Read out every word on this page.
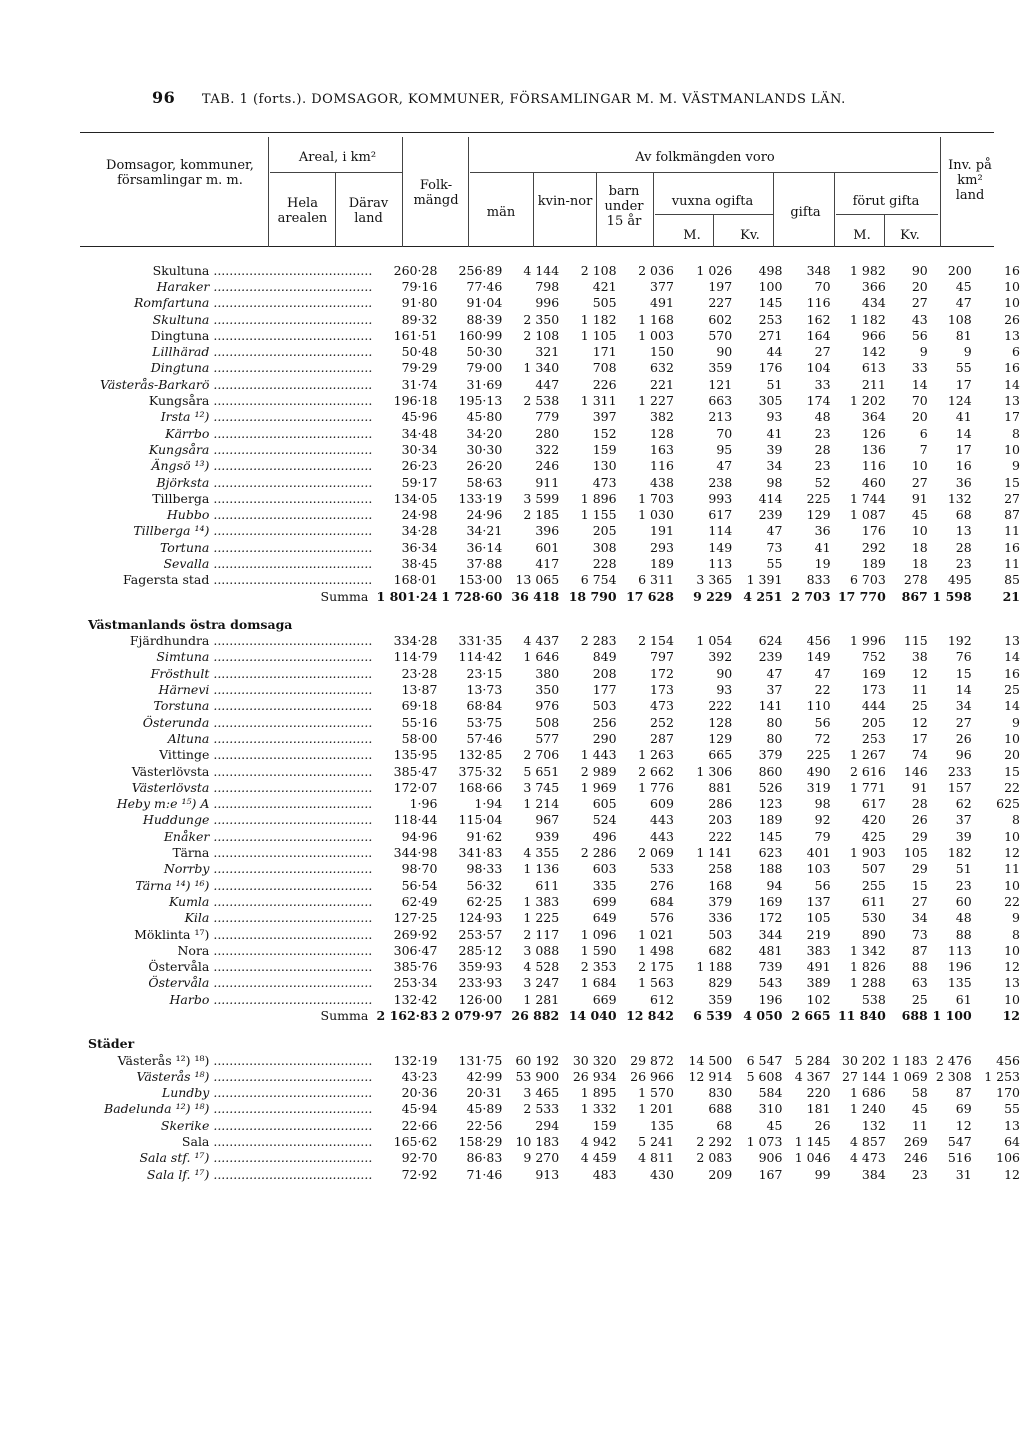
96 TAB. 1 (forts.). DOMSAGOR, KOMMUNER, FÖRSAMLINGAR M. M. VÄSTMANLANDS LÄN.
Domsagor, kommuner, församlingar m. m.
Areal, i km²
Hela arealen
Därav land
Folk-mängd
Av folkmängden voro
män
kvin-nor
barn under 15 år
vuxna ogifta
M.	Kv.
gifta
förut gifta
M.	Kv.
Inv. på km² land
Skultuna ........................................	260·28	256·89	4 144	2 108	2 036	1 026	498	348	1 982	90	200	16
Haraker ........................................	79·16	77·46	798	421	377	197	100	70	366	20	45	10
Romfartuna ........................................	91·80	91·04	996	505	491	227	145	116	434	27	47	10
Skultuna ........................................	89·32	88·39	2 350	1 182	1 168	602	253	162	1 182	43	108	26
Dingtuna ........................................	161·51	160·99	2 108	1 105	1 003	570	271	164	966	56	81	13
Lillhärad ........................................	50·48	50·30	321	171	150	90	44	27	142	9	9	6
Dingtuna ........................................	79·29	79·00	1 340	708	632	359	176	104	613	33	55	16
Västerås-Barkarö ........................................	31·74	31·69	447	226	221	121	51	33	211	14	17	14
Kungsåra ........................................	196·18	195·13	2 538	1 311	1 227	663	305	174	1 202	70	124	13
Irsta ¹²) ........................................	45·96	45·80	779	397	382	213	93	48	364	20	41	17
Kärrbo ........................................	34·48	34·20	280	152	128	70	41	23	126	6	14	8
Kungsåra ........................................	30·34	30·30	322	159	163	95	39	28	136	7	17	10
Ängsö ¹³) ........................................	26·23	26·20	246	130	116	47	34	23	116	10	16	9
Björksta ........................................	59·17	58·63	911	473	438	238	98	52	460	27	36	15
Tillberga ........................................	134·05	133·19	3 599	1 896	1 703	993	414	225	1 744	91	132	27
Hubbo ........................................	24·98	24·96	2 185	1 155	1 030	617	239	129	1 087	45	68	87
Tillberga ¹⁴) ........................................	34·28	34·21	396	205	191	114	47	36	176	10	13	11
Tortuna ........................................	36·34	36·14	601	308	293	149	73	41	292	18	28	16
Sevalla ........................................	38·45	37·88	417	228	189	113	55	19	189	18	23	11
Fagersta stad ........................................	168·01	153·00	13 065	6 754	6 311	3 365	1 391	833	6 703	278	495	85
Summa	1 801·24	1 728·60	36 418	18 790	17 628	9 229	4 251	2 703	17 770	867	1 598	21

Västmanlands östra domsaga												
Fjärdhundra ........................................	334·28	331·35	4 437	2 283	2 154	1 054	624	456	1 996	115	192	13
Simtuna ........................................	114·79	114·42	1 646	849	797	392	239	149	752	38	76	14
Frösthult ........................................	23·28	23·15	380	208	172	90	47	47	169	12	15	16
Härnevi ........................................	13·87	13·73	350	177	173	93	37	22	173	11	14	25
Torstuna ........................................	69·18	68·84	976	503	473	222	141	110	444	25	34	14
Österunda ........................................	55·16	53·75	508	256	252	128	80	56	205	12	27	9
Altuna ........................................	58·00	57·46	577	290	287	129	80	72	253	17	26	10
Vittinge ........................................	135·95	132·85	2 706	1 443	1 263	665	379	225	1 267	74	96	20
Västerlövsta ........................................	385·47	375·32	5 651	2 989	2 662	1 306	860	490	2 616	146	233	15
Västerlövsta ........................................	172·07	168·66	3 745	1 969	1 776	881	526	319	1 771	91	157	22
Heby m:e ¹⁵) A ........................................	1·96	1·94	1 214	605	609	286	123	98	617	28	62	625
Huddunge ........................................	118·44	115·04	967	524	443	203	189	92	420	26	37	8
Enåker ........................................	94·96	91·62	939	496	443	222	145	79	425	29	39	10
Tärna ........................................	344·98	341·83	4 355	2 286	2 069	1 141	623	401	1 903	105	182	12
Norrby ........................................	98·70	98·33	1 136	603	533	258	188	103	507	29	51	11
Tärna ¹⁴) ¹⁶) ........................................	56·54	56·32	611	335	276	168	94	56	255	15	23	10
Kumla ........................................	62·49	62·25	1 383	699	684	379	169	137	611	27	60	22
Kila ........................................	127·25	124·93	1 225	649	576	336	172	105	530	34	48	9
Möklinta ¹⁷) ........................................	269·92	253·57	2 117	1 096	1 021	503	344	219	890	73	88	8
Nora ........................................	306·47	285·12	3 088	1 590	1 498	682	481	383	1 342	87	113	10
Östervåla ........................................	385·76	359·93	4 528	2 353	2 175	1 188	739	491	1 826	88	196	12
Östervåla ........................................	253·34	233·93	3 247	1 684	1 563	829	543	389	1 288	63	135	13
Harbo ........................................	132·42	126·00	1 281	669	612	359	196	102	538	25	61	10
Summa	2 162·83	2 079·97	26 882	14 040	12 842	6 539	4 050	2 665	11 840	688	1 100	12

Städer												
Västerås ¹²) ¹⁸) ........................................	132·19	131·75	60 192	30 320	29 872	14 500	6 547	5 284	30 202	1 183	2 476	456
Västerås ¹⁸) ........................................	43·23	42·99	53 900	26 934	26 966	12 914	5 608	4 367	27 144	1 069	2 308	1 253
Lundby ........................................	20·36	20·31	3 465	1 895	1 570	830	584	220	1 686	58	87	170
Badelunda ¹²) ¹⁸) ........................................	45·94	45·89	2 533	1 332	1 201	688	310	181	1 240	45	69	55
Skerike ........................................	22·66	22·56	294	159	135	68	45	26	132	11	12	13
Sala ........................................	165·62	158·29	10 183	4 942	5 241	2 292	1 073	1 145	4 857	269	547	64
Sala stf. ¹⁷) ........................................	92·70	86·83	9 270	4 459	4 811	2 083	906	1 046	4 473	246	516	106
Sala lf. ¹⁷) ........................................	72·92	71·46	913	483	430	209	167	99	384	23	31	12
